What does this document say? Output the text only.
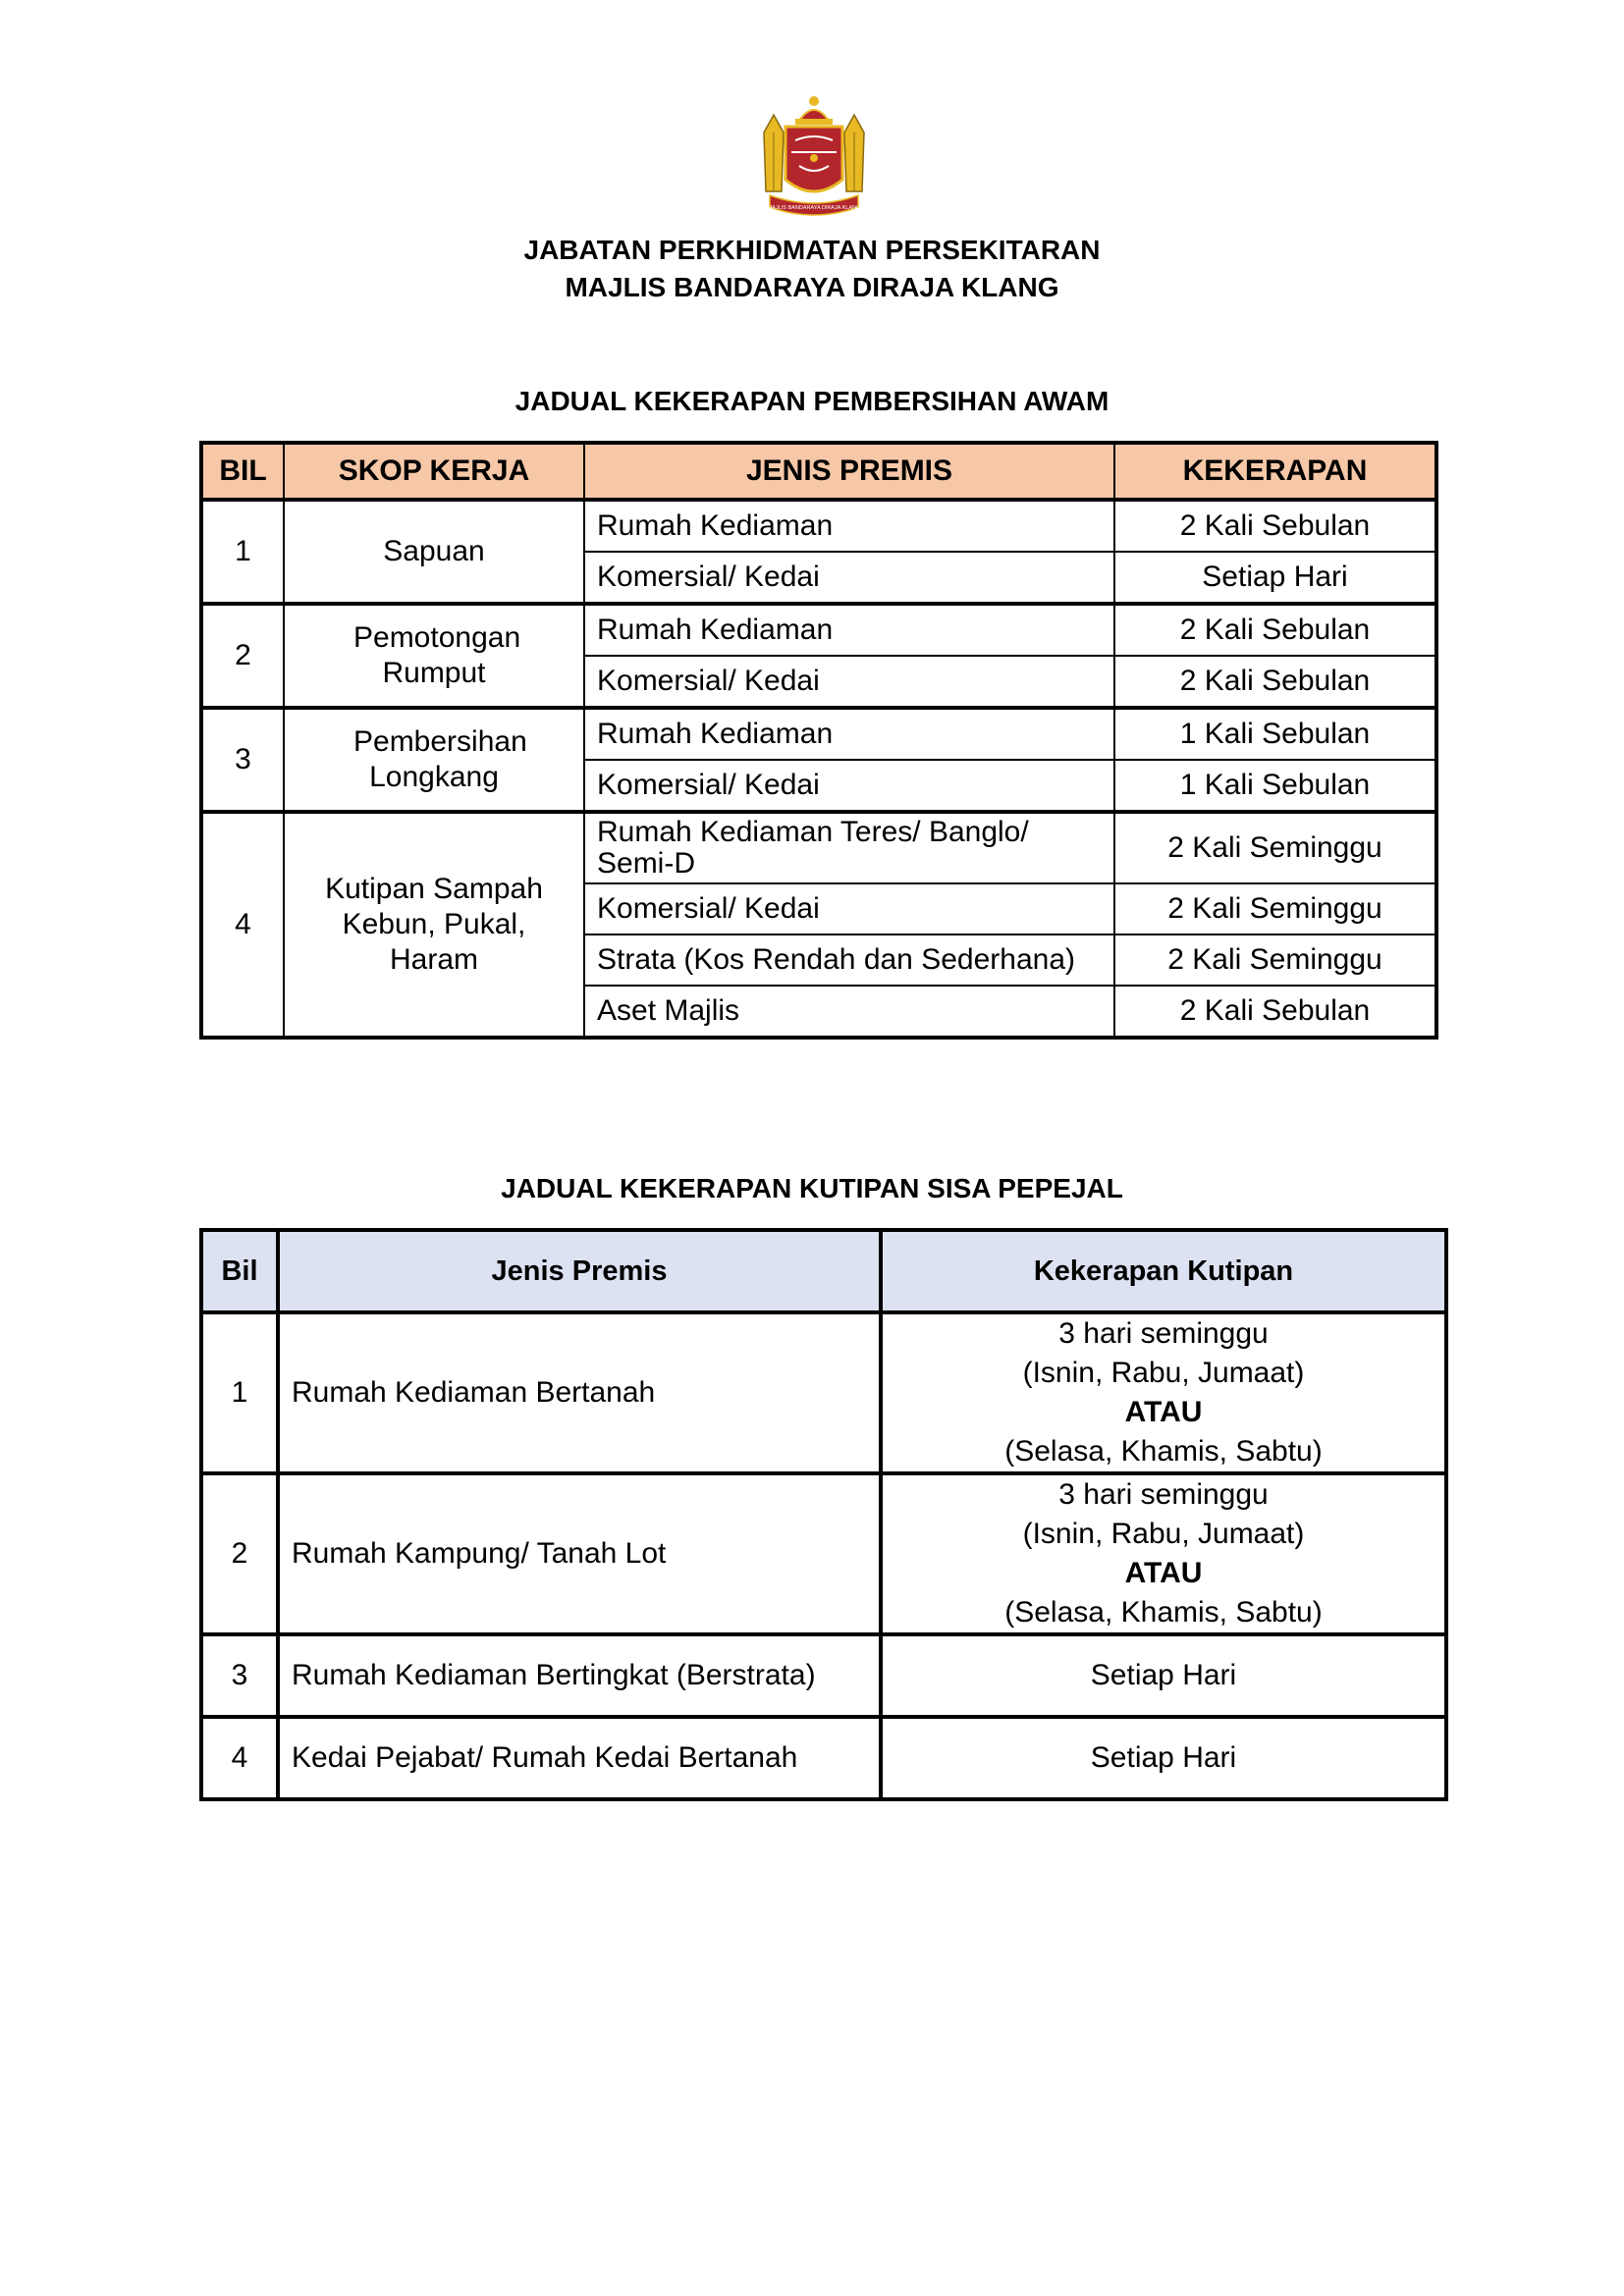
MAJLIS BANDARAYA DIRAJA KLANG
JABATAN PERKHIDMATAN PERSEKITARAN
MAJLIS BANDARAYA DIRAJA KLANG
JADUAL KEKERAPAN PEMBERSIHAN AWAM
BIL	SKOP KERJA	JENIS PREMIS	KEKERAPAN
1	Sapuan	Rumah Kediaman	2 Kali Sebulan
		Komersial/ Kedai	Setiap Hari
2	Pemotongan Rumput	Rumah Kediaman	2 Kali Sebulan
		Komersial/ Kedai	2 Kali Sebulan
3	Pembersihan Longkang	Rumah Kediaman	1 Kali Sebulan
		Komersial/ Kedai	1 Kali Sebulan
4	Kutipan Sampah Kebun, Pukal, Haram	Rumah Kediaman Teres/ Banglo/ Semi-D	2 Kali Seminggu
		Komersial/ Kedai	2 Kali Seminggu
		Strata (Kos Rendah dan Sederhana)	2 Kali Seminggu
		Aset Majlis	2 Kali Sebulan
JADUAL KEKERAPAN KUTIPAN SISA PEPEJAL
Bil	Jenis Premis	Kekerapan Kutipan
1	Rumah Kediaman Bertanah	3 hari seminggu
(Isnin, Rabu, Jumaat)
ATAU
(Selasa, Khamis, Sabtu)

2	Rumah Kampung/ Tanah Lot	3 hari seminggu
(Isnin, Rabu, Jumaat)
ATAU
(Selasa, Khamis, Sabtu)

3	Rumah Kediaman Bertingkat (Berstrata)	Setiap Hari
4	Kedai Pejabat/ Rumah Kedai Bertanah	Setiap Hari
